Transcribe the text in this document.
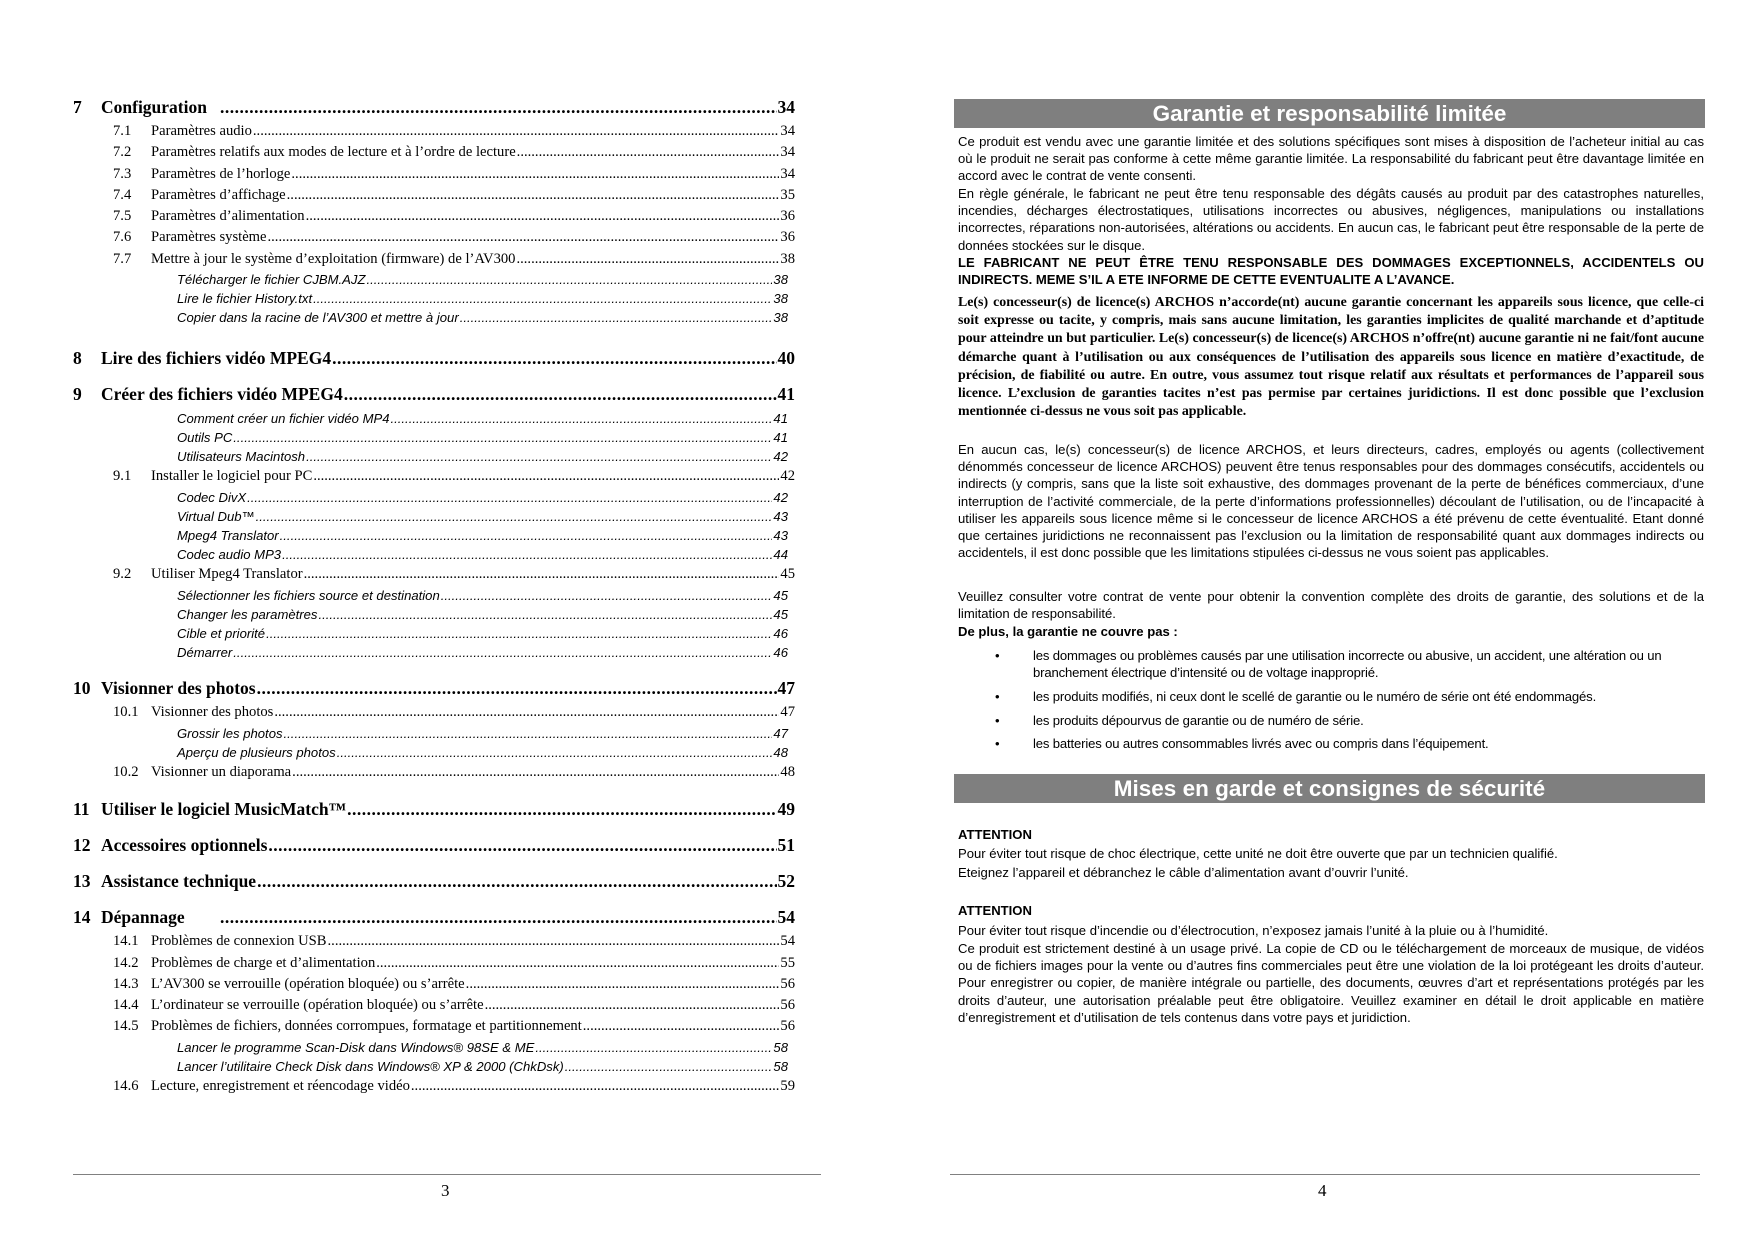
7	Configuration .....	34
7.1	Paramètres audio .....	34
7.2	Paramètres relatifs aux modes de lecture et à l’ordre de lecture .....	34
7.3	Paramètres de l’horloge .....	34
7.4	Paramètres d’affichage .....	35
7.5	Paramètres d’alimentation .....	36
7.6	Paramètres système .....	36
7.7	Mettre à jour le système d’exploitation (firmware) de l’AV300 .....	38
Télécharger le fichier CJBM.AJZ .....	38
Lire le fichier History.txt .....	38
Copier dans la racine de l’AV300 et mettre à jour .....	38
8	Lire des fichiers vidéo MPEG4 .....	40
9	Créer des fichiers vidéo MPEG4 .....	41
Comment créer un fichier vidéo MP4 .....	41
Outils PC .....	41
Utilisateurs Macintosh .....	42
9.1	Installer le logiciel pour PC .....	42
Codec DivX .....	42
Virtual Dub™ .....	43
Mpeg4 Translator .....	43
Codec audio MP3 .....	44
9.2	Utiliser Mpeg4 Translator .....	45
Sélectionner les fichiers source et destination .....	45
Changer les paramètres .....	45
Cible et priorité .....	46
Démarrer .....	46
10 Visionner des photos .....	47
10.1 Visionner des photos .....	47
Grossir les photos .....	47
Aperçu de plusieurs photos .....	48
10.2 Visionner un diaporama .....	48
11 Utiliser le logiciel MusicMatch™ .....	49
12 Accessoires optionnels .....	51
13 Assistance technique .....	52
14 Dépannage .....	54
14.1 Problèmes de connexion USB .....	54
14.2 Problèmes de charge et d’alimentation .....	55
14.3 L’AV300 se verrouille (opération bloquée) ou s’arrête .....	56
14.4 L’ordinateur se verrouille (opération bloquée) ou s’arrête .....	56
14.5 Problèmes de fichiers, données corrompues, formatage et partitionnement .....	56
Lancer le programme Scan-Disk dans Windows® 98SE & ME .....	58
Lancer l’utilitaire Check Disk dans Windows® XP & 2000 (ChkDsk) .....	58
14.6 Lecture, enregistrement et réencodage vidéo .....	59
Garantie et responsabilité limitée

Ce produit est vendu avec une garantie limitée et des solutions spécifiques sont mises à disposition de l’acheteur initial au cas où le produit ne serait pas conforme à cette même garantie limitée. La responsabilité du fabricant peut être davantage limitée en accord avec le contrat de vente consenti.

En règle générale, le fabricant ne peut être tenu responsable des dégâts causés au produit par des catastrophes naturelles, incendies, décharges électrostatiques, utilisations incorrectes ou abusives, négligences, manipulations ou installations incorrectes, réparations non-autorisées, altérations ou accidents. En aucun cas, le fabricant peut être responsable de la perte de données stockées sur le disque.

LE FABRICANT NE PEUT ÊTRE TENU RESPONSABLE DES DOMMAGES EXCEPTIONNELS, ACCIDENTELS OU INDIRECTS. MEME S’IL A ETE INFORME DE CETTE EVENTUALITE A L’AVANCE.

Le(s) concesseur(s) de licence(s) ARCHOS n’accorde(nt) aucune garantie concernant les appareils sous licence, que celle-ci soit expresse ou tacite, y compris, mais sans aucune limitation, les garanties implicites de qualité marchande et d’aptitude pour atteindre un but particulier. Le(s) concesseur(s) de licence(s) ARCHOS n’offre(nt) aucune garantie ni ne fait/font aucune démarche quant à l’utilisation ou aux conséquences de l’utilisation des appareils sous licence en matière d’exactitude, de précision, de fiabilité ou autre. En outre, vous assumez tout risque relatif aux résultats et performances de l’appareil sous licence. L’exclusion de garanties tacites n’est pas permise par certaines juridictions. Il est donc possible que l’exclusion mentionnée ci-dessus ne vous soit pas applicable.

En aucun cas, le(s) concesseur(s) de licence ARCHOS, et leurs directeurs, cadres, employés ou agents (collectivement dénommés concesseur de licence ARCHOS) peuvent être tenus responsables pour des dommages consécutifs, accidentels ou indirects (y compris, sans que la liste soit exhaustive, des dommages provenant de la perte de bénéfices commerciaux, d’une interruption de l’activité commerciale, de la perte d’informations professionnelles) découlant de l’utilisation, ou de l’incapacité à utiliser les appareils sous licence même si le concesseur de licence ARCHOS a été prévenu de cette éventualité. Etant donné que certaines juridictions ne reconnaissent pas l’exclusion ou la limitation de responsabilité quant aux dommages indirects ou accidentels, il est donc possible que les limitations stipulées ci-dessus ne vous soient pas applicables.

Veuillez consulter votre contrat de vente pour obtenir la convention complète des droits de garantie, des solutions et de la limitation de responsabilité.

De plus, la garantie ne couvre pas :

•	les dommages ou problèmes causés par une utilisation incorrecte ou abusive, un accident, une altération ou un branchement électrique d’intensité ou de voltage inapproprié.
•	les produits modifiés, ni ceux dont le scellé de garantie ou le numéro de série ont été endommagés.
•	les produits dépourvus de garantie ou de numéro de série.
•	les batteries ou autres consommables livrés avec ou compris dans l’équipement.
Mises en garde et consignes de sécurité

ATTENTION

Pour éviter tout risque de choc électrique, cette unité ne doit être ouverte que par un technicien qualifié.

Eteignez l’appareil et débranchez le câble d’alimentation avant d’ouvrir l’unité.

ATTENTION

Pour éviter tout risque d’incendie ou d’électrocution, n’exposez jamais l’unité à la pluie ou à l’humidité.

Ce produit est strictement destiné à un usage privé. La copie de CD ou le téléchargement de morceaux de musique, de vidéos ou de fichiers images pour la vente ou d’autres fins commerciales peut être une violation de la loi protégeant les droits d’auteur. Pour enregistrer ou copier, de manière intégrale ou partielle, des documents, œuvres d’art et représentations protégés par les droits d’auteur, une autorisation préalable peut être obligatoire. Veuillez examiner en détail le droit applicable en matière d’enregistrement et d’utilisation de tels contenus dans votre pays et juridiction.

3	4
